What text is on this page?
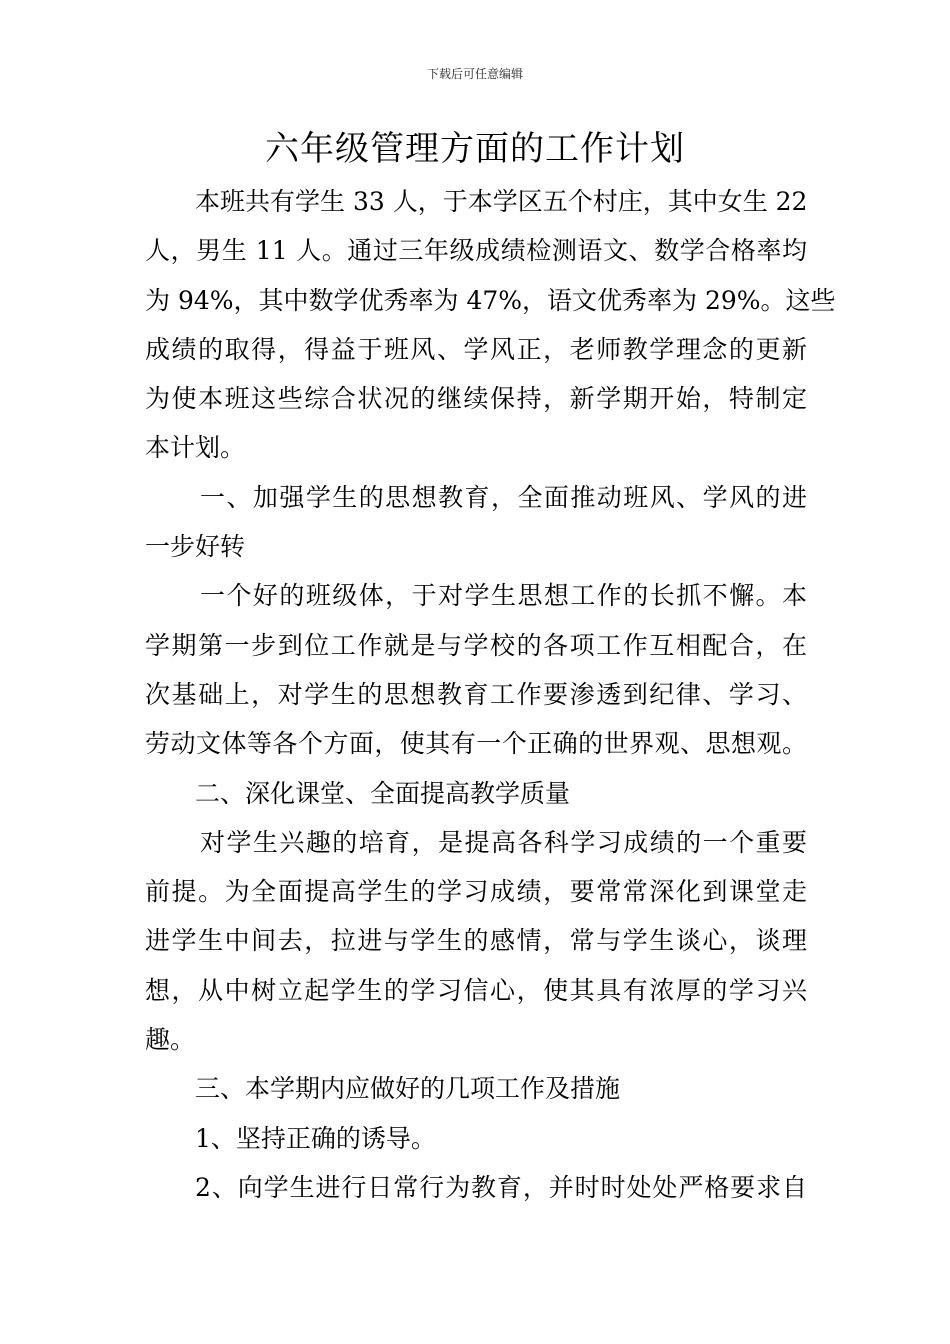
下载后可任意编辑
六年级管理方面的工作计划
本班共有学生 33 人，于本学区五个村庄，其中女生 22
人，男生 11 人。通过三年级成绩检测语文、数学合格率均
为 94%，其中数学优秀率为 47%，语文优秀率为 29%。这些
成绩的取得，得益于班风、学风正，老师教学理念的更新
为使本班这些综合状况的继续保持，新学期开始，特制定
本计划。
一、加强学生的思想教育，全面推动班风、学风的进
一步好转
一个好的班级体，于对学生思想工作的长抓不懈。本
学期第一步到位工作就是与学校的各项工作互相配合，在
次基础上，对学生的思想教育工作要渗透到纪律、学习、
劳动文体等各个方面，使其有一个正确的世界观、思想观。
二、深化课堂、全面提高教学质量
对学生兴趣的培育，是提高各科学习成绩的一个重要
前提。为全面提高学生的学习成绩，要常常深化到课堂走
进学生中间去，拉进与学生的感情，常与学生谈心，谈理
想，从中树立起学生的学习信心，使其具有浓厚的学习兴
趣。
三、本学期内应做好的几项工作及措施
1、坚持正确的诱导。
2、向学生进行日常行为教育，并时时处处严格要求自
